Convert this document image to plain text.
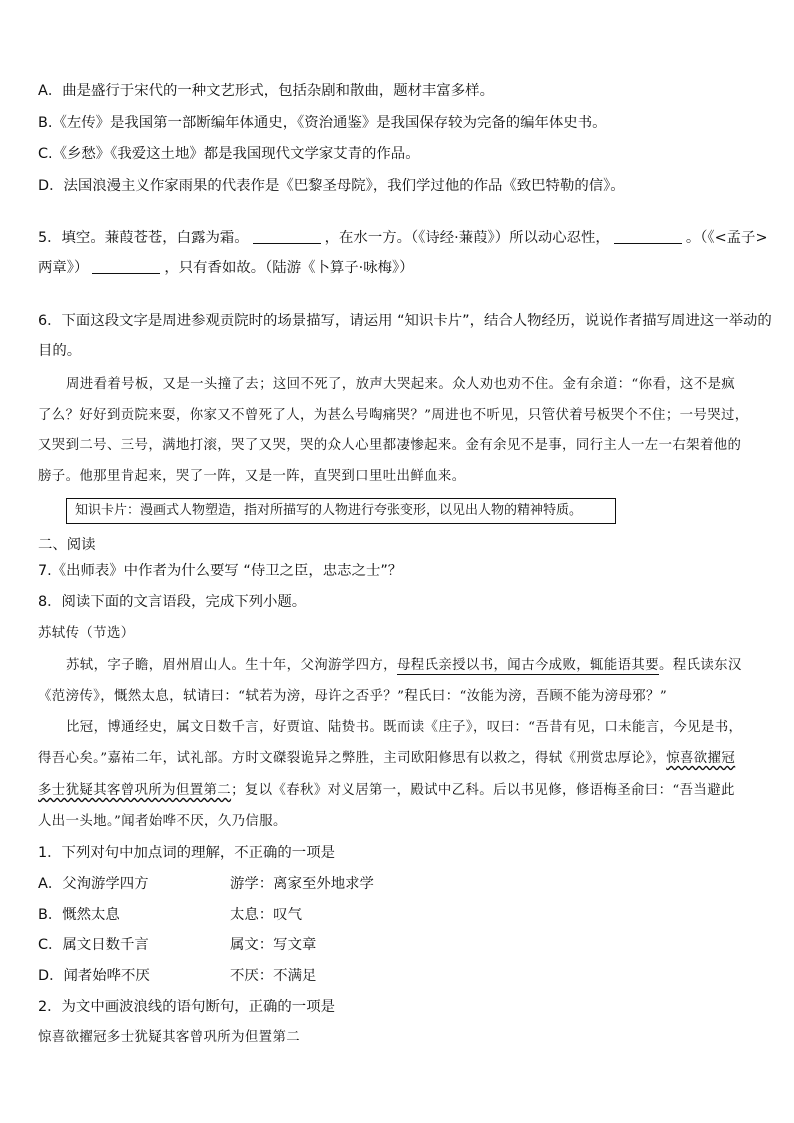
A．曲是盛行于宋代的一种文艺形式，包括杂剧和散曲，题材丰富多样。
B.《左传》是我国第一部断编年体通史，《资治通鉴》是我国保存较为完备的编年体史书。
C.《乡愁》《我爱这土地》都是我国现代文学家艾青的作品。
D．法国浪漫主义作家雨果的代表作是《巴黎圣母院》，我们学过他的作品《致巴特勒的信》。
5．填空。蒹葭苍苍，白露为霜。	，在水一方。（《诗经·蒹葭》）所以动心忍性，	。（《<孟子>
两章》）	，只有香如故。（陆游《卜算子·咏梅》）
6．下面这段文字是周进参观贡院时的场景描写，请运用 “知识卡片”，结合人物经历，说说作者描写周进这一举动的
目的。
周进看着号板，又是一头撞了去；这回不死了，放声大哭起来。众人劝也劝不住。金有余道：“你看，这不是疯
了么？好好到贡院来耍，你家又不曾死了人，为甚么号啕痛哭？”周进也不听见，只管伏着号板哭个不住；一号哭过，
又哭到二号、三号，满地打滚，哭了又哭，哭的众人心里都凄惨起来。金有余见不是事，同行主人一左一右架着他的
膀子。他那里肯起来，哭了一阵，又是一阵，直哭到口里吐出鲜血来。
知识卡片：漫画式人物塑造，指对所描写的人物进行夸张变形，以见出人物的精神特质。
二、阅读
7.《出师表》中作者为什么要写 “侍卫之臣，忠志之士”？
8．阅读下面的文言语段，完成下列小题。
苏轼传（节选）
苏轼，字子瞻，眉州眉山人。生十年，父洵游学四方，母程氏亲授以书，闻古今成败，辄能语其要。程氏读东汉
《范滂传》，慨然太息，轼请曰：“轼若为滂，母许之否乎？”程氏曰：“汝能为滂，吾顾不能为滂母邪？”
比冠，博通经史，属文日数千言，好贾谊、陆贽书。既而读《庄子》，叹曰：“吾昔有见，口未能言，今见是书，
得吾心矣。”嘉祐二年，试礼部。方时文磔裂诡异之弊胜，主司欧阳修思有以救之，得轼《刑赏忠厚论》，惊喜欲擢冠
多士犹疑其客曾巩所为但置第二；复以《春秋》对义居第一，殿试中乙科。后以书见修，修语梅圣俞曰：“吾当避此
人出一头地。”闻者始哗不厌，久乃信服。
1．下列对句中加点词的理解，不正确的一项是
A．父洵游学四方	游学：离家至外地求学
B．慨然太息	太息：叹气
C．属文日数千言	属文：写文章
D．闻者始哗不厌	不厌：不满足
2．为文中画波浪线的语句断句，正确的一项是
惊喜欲擢冠多士犹疑其客曾巩所为但置第二
